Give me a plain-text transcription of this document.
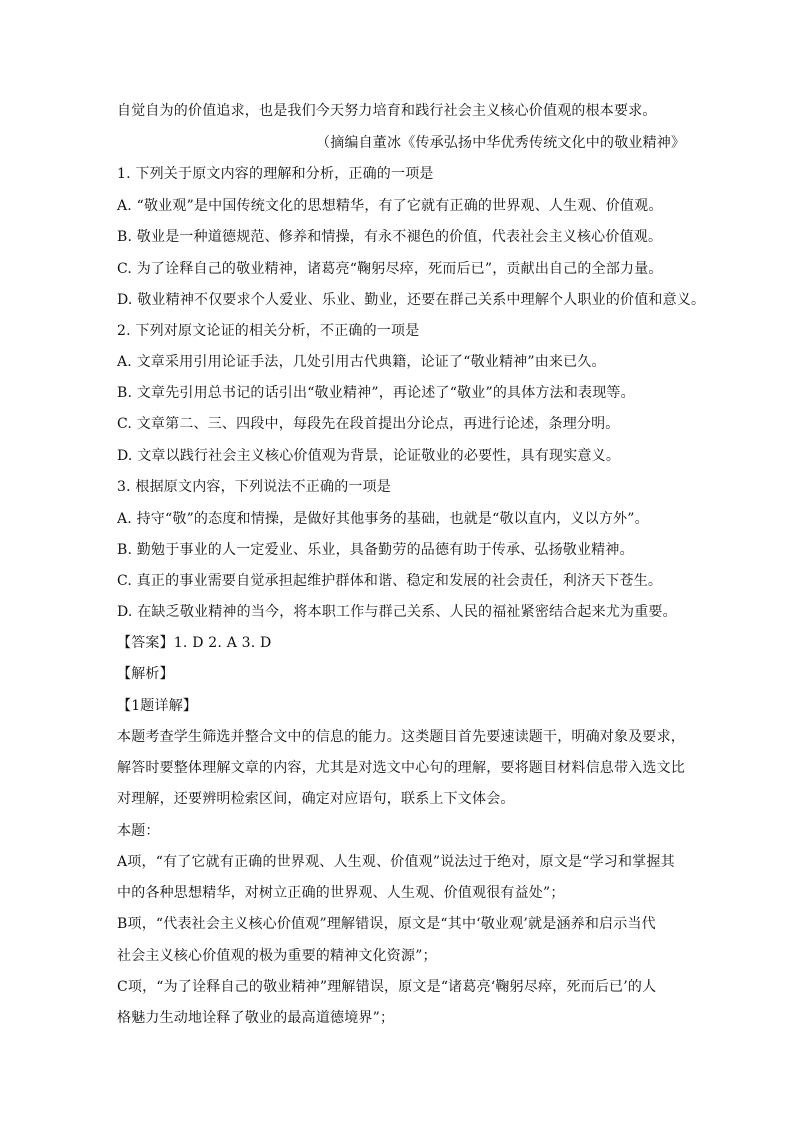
自觉自为的价值追求，也是我们今天努力培育和践行社会主义核心价值观的根本要求。
（摘编自董冰《传承弘扬中华优秀传统文化中的敬业精神》
1. 下列关于原文内容的理解和分析，正确的一项是
A. “敬业观”是中国传统文化的思想精华，有了它就有正确的世界观、人生观、价值观。
B. 敬业是一种道德规范、修养和情操，有永不褪色的价值，代表社会主义核心价值观。
C. 为了诠释自己的敬业精神，诸葛亮“鞠躬尽瘁，死而后已”，贡献出自己的全部力量。
D. 敬业精神不仅要求个人爱业、乐业、勤业，还要在群己关系中理解个人职业的价值和意义。
2. 下列对原文论证的相关分析，不正确的一项是
A. 文章采用引用论证手法，几处引用古代典籍，论证了“敬业精神”由来已久。
B. 文章先引用总书记的话引出“敬业精神”，再论述了“敬业”的具体方法和表现等。
C. 文章第二、三、四段中，每段先在段首提出分论点，再进行论述，条理分明。
D. 文章以践行社会主义核心价值观为背景，论证敬业的必要性，具有现实意义。
3. 根据原文内容，下列说法不正确的一项是
A. 持守“敬”的态度和情操，是做好其他事务的基础，也就是“敬以直内，义以方外”。
B. 勤勉于事业的人一定爱业、乐业，具备勤劳的品德有助于传承、弘扬敬业精神。
C. 真正的事业需要自觉承担起维护群体和谐、稳定和发展的社会责任，利济天下苍生。
D. 在缺乏敬业精神的当今，将本职工作与群己关系、人民的福祉紧密结合起来尤为重要。
【答案】1. D 2. A 3. D
【解析】
【1题详解】
本题考查学生筛选并整合文中的信息的能力。这类题目首先要速读题干，明确对象及要求，
解答时要整体理解文章的内容，尤其是对选文中心句的理解，要将题目材料信息带入选文比
对理解，还要辨明检索区间，确定对应语句，联系上下文体会。
本题：
A项，“有了它就有正确的世界观、人生观、价值观”说法过于绝对，原文是“学习和掌握其
中的各种思想精华，对树立正确的世界观、人生观、价值观很有益处”；
B项，“代表社会主义核心价值观”理解错误，原文是“其中‘敬业观’就是涵养和启示当代
社会主义核心价值观的极为重要的精神文化资源”；
C项，“为了诠释自己的敬业精神”理解错误，原文是“诸葛亮‘鞠躬尽瘁，死而后已’的人
格魅力生动地诠释了敬业的最高道德境界”；
